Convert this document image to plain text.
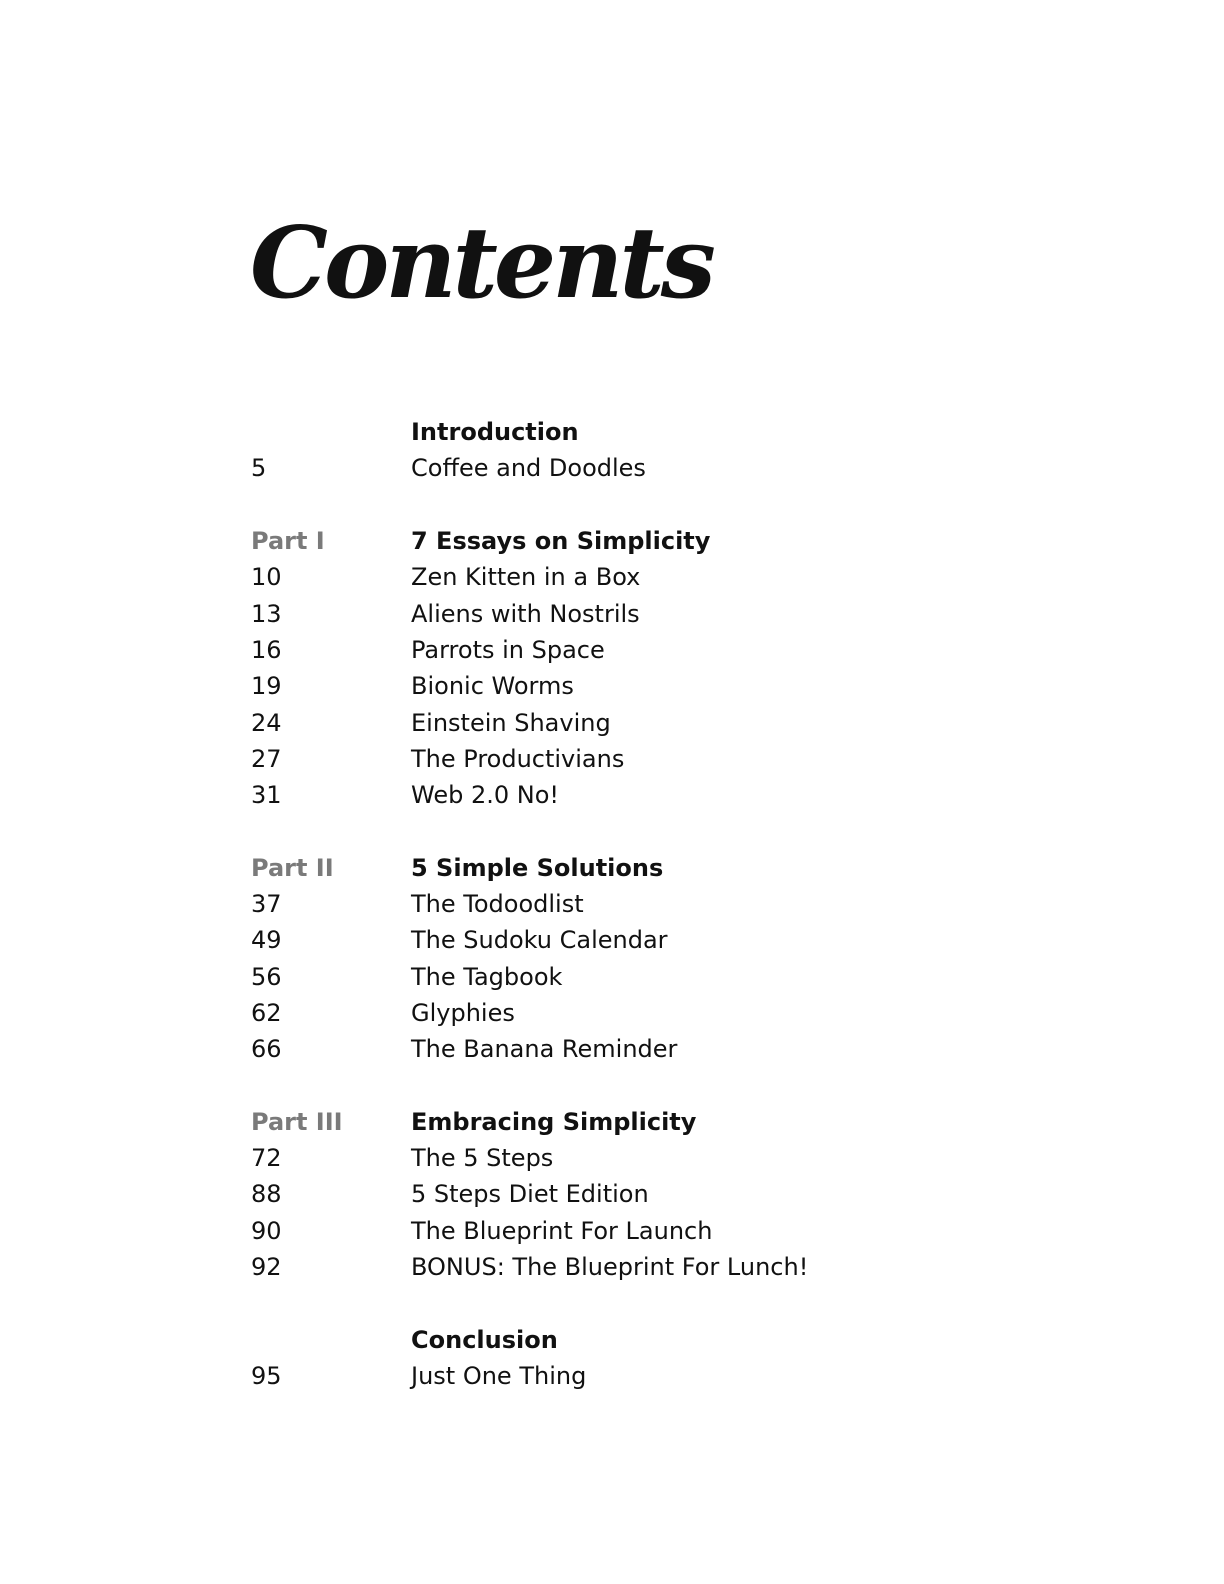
Contents
Introduction
5	Coffee and Doodles
Part I	7 Essays on Simplicity
10	Zen Kitten in a Box
13	Aliens with Nostrils
16	Parrots in Space
19	Bionic Worms
24	Einstein Shaving
27	The Productivians
31	Web 2.0 No!
Part II	5 Simple Solutions
37	The Todoodlist
49	The Sudoku Calendar
56	The Tagbook
62	Glyphies
66	The Banana Reminder
Part III	Embracing Simplicity
72	The 5 Steps
88	5 Steps Diet Edition
90	The Blueprint For Launch
92	BONUS: The Blueprint For Lunch!
Conclusion
95	Just One Thing
